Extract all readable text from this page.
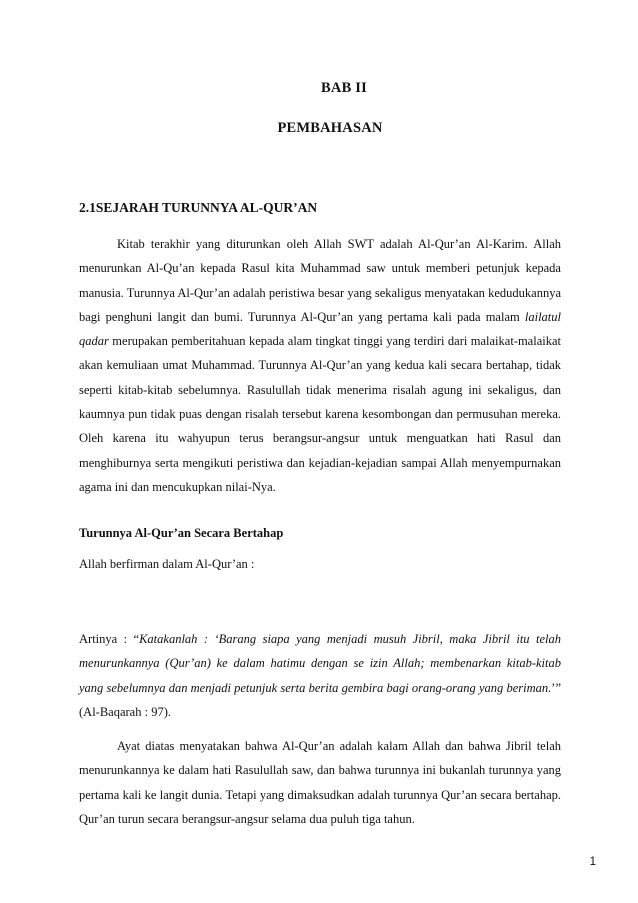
BAB II
PEMBAHASAN
2.1SEJARAH TURUNNYA AL-QUR’AN

Kitab terakhir yang diturunkan oleh Allah SWT adalah Al-Qur’an Al-Karim. Allah menurunkan Al-Qu’an kepada Rasul kita Muhammad saw untuk memberi petunjuk kepada manusia. Turunnya Al-Qur’an adalah peristiwa besar yang sekaligus menyatakan kedudukannya bagi penghuni langit dan bumi. Turunnya Al-Qur’an yang pertama kali pada malam lailatul qadar merupakan pemberitahuan kepada alam tingkat tinggi yang terdiri dari malaikat-malaikat akan kemuliaan umat Muhammad. Turunnya Al-Qur’an yang kedua kali secara bertahap, tidak seperti kitab-kitab sebelumnya. Rasulullah tidak menerima risalah agung ini sekaligus, dan kaumnya pun tidak puas dengan risalah tersebut karena kesombongan dan permusuhan mereka. Oleh karena itu wahyupun terus berangsur-angsur untuk menguatkan hati Rasul dan menghiburnya serta mengikuti peristiwa dan kejadian-kejadian sampai Allah menyempurnakan agama ini dan mencukupkan nilai-Nya.

Turunnya Al-Qur’an Secara Bertahap
Allah berfirman dalam Al-Qur’an :

Artinya : “Katakanlah : ‘Barang siapa yang menjadi musuh Jibril, maka Jibril itu telah menurunkannya (Qur’an) ke dalam hatimu dengan se izin Allah; membenarkan kitab-kitab yang sebelumnya dan menjadi petunjuk serta berita gembira bagi orang-orang yang beriman.’” (Al-Baqarah : 97).

Ayat diatas menyatakan bahwa Al-Qur’an adalah kalam Allah dan bahwa Jibril telah menurunkannya ke dalam hati Rasulullah saw, dan bahwa turunnya ini bukanlah turunnya yang pertama kali ke langit dunia. Tetapi yang dimaksudkan adalah turunnya Qur’an secara bertahap. Qur’an turun secara berangsur-angsur selama dua puluh tiga tahun.

1
